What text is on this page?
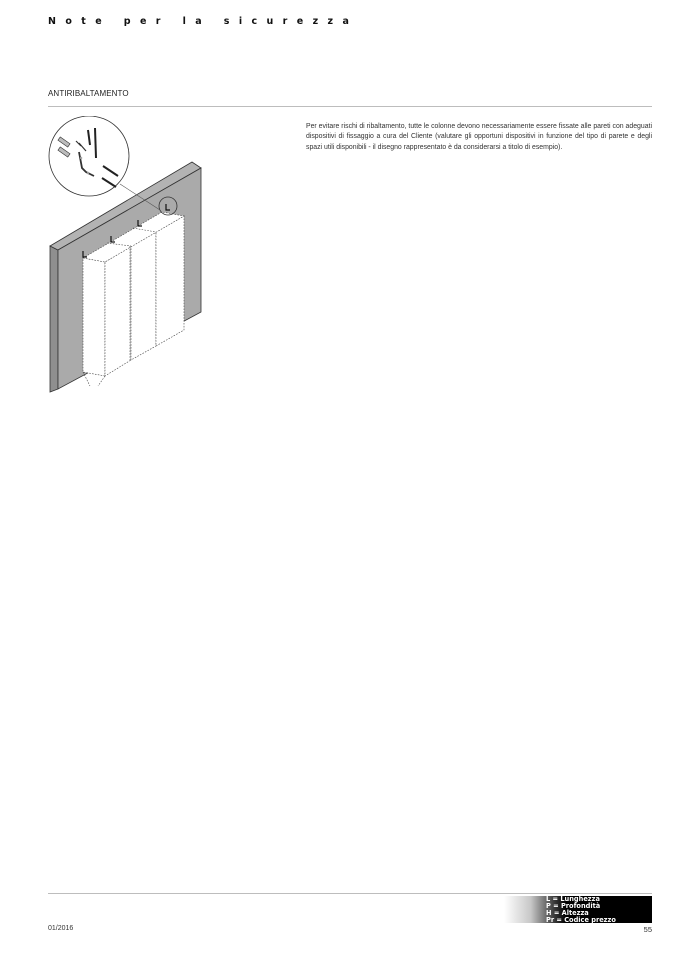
Note per la sicurezza
ANTIRIBALTAMENTO
Per evitare rischi di ribaltamento, tutte le colonne devono necessariamente essere fissate alle pareti con adeguati dispositivi di fissaggio a cura del Cliente (valutare gli opportuni dispositivi in funzione del tipo di parete e degli spazi utili disponibili - il disegno rappresentato è da considerarsi a titolo di esempio).
L = Lunghezza
P = Profondità
H = Altezza
Pr = Codice prezzo
01/2016	55
